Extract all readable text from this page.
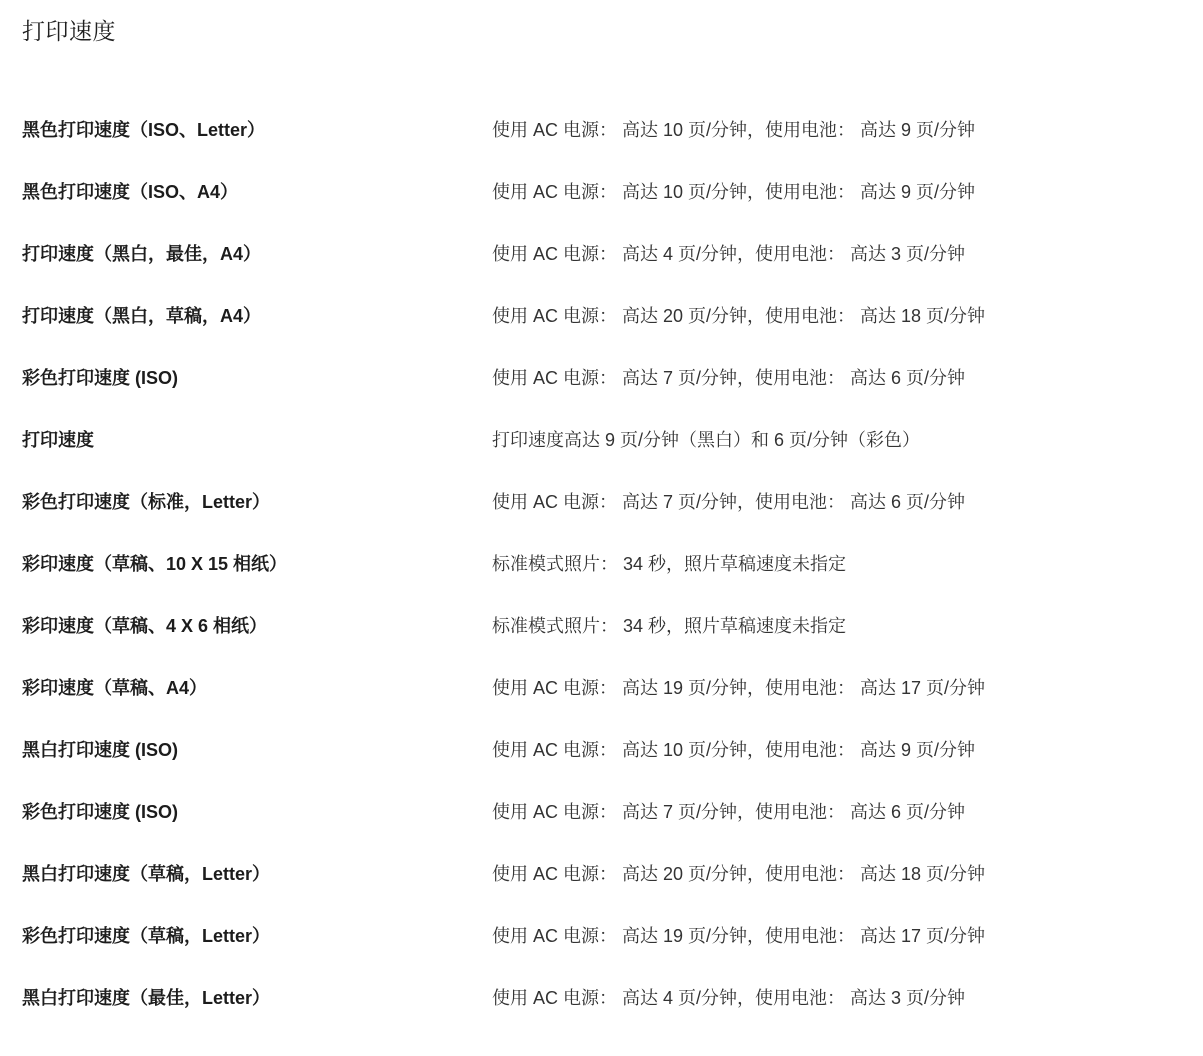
打印速度
黑色打印速度（ISO、Letter）	使用 AC 电源： 高达 10 页/分钟，使用电池： 高达 9 页/分钟
黑色打印速度（ISO、A4）	使用 AC 电源： 高达 10 页/分钟，使用电池： 高达 9 页/分钟
打印速度（黑白，最佳，A4）	使用 AC 电源： 高达 4 页/分钟，使用电池： 高达 3 页/分钟
打印速度（黑白，草稿，A4）	使用 AC 电源： 高达 20 页/分钟，使用电池： 高达 18 页/分钟
彩色打印速度 (ISO)	使用 AC 电源： 高达 7 页/分钟，使用电池： 高达 6 页/分钟
打印速度	打印速度高达 9 页/分钟（黑白）和 6 页/分钟（彩色）
彩色打印速度（标准，Letter）	使用 AC 电源： 高达 7 页/分钟，使用电池： 高达 6 页/分钟
彩印速度（草稿、10 X 15 相纸）	标准模式照片： 34 秒，照片草稿速度未指定
彩印速度（草稿、4 X 6 相纸）	标准模式照片： 34 秒，照片草稿速度未指定
彩印速度（草稿、A4）	使用 AC 电源： 高达 19 页/分钟，使用电池： 高达 17 页/分钟
黑白打印速度 (ISO)	使用 AC 电源： 高达 10 页/分钟，使用电池： 高达 9 页/分钟
彩色打印速度 (ISO)	使用 AC 电源： 高达 7 页/分钟，使用电池： 高达 6 页/分钟
黑白打印速度（草稿，Letter）	使用 AC 电源： 高达 20 页/分钟，使用电池： 高达 18 页/分钟
彩色打印速度（草稿，Letter）	使用 AC 电源： 高达 19 页/分钟，使用电池： 高达 17 页/分钟
黑白打印速度（最佳，Letter）	使用 AC 电源： 高达 4 页/分钟，使用电池： 高达 3 页/分钟
